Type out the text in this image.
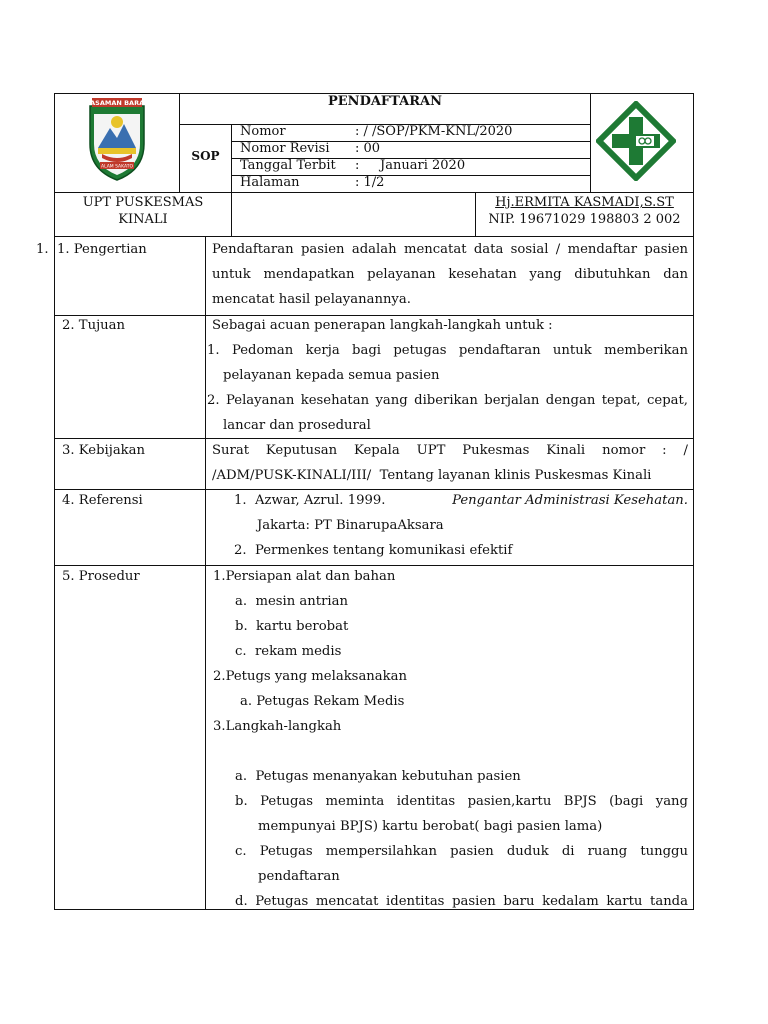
PASAMAN BARAT
ALAM SAKATO
PENDAFTARAN
SOP
Nomor	: / /SOP/PKM-KNL/2020
Nomor Revisi : 00
Tanggal Terbit :     Januari 2020
Halaman	: 1/2
UPT PUSKESMAS
KINALI
Hj.ERMITA KASMADI,S.ST
NIP. 19671029 198803 2 002
1. 1. Pengertian	Pendaftaran pasien adalah mencatat data sosial / mendaftar pasien
untuk mendapatkan pelayanan kesehatan yang dibutuhkan dan
mencatat hasil pelayanannya.
2. Tujuan	Sebagai acuan penerapan langkah-langkah untuk :
1. Pedoman kerja bagi petugas pendaftaran untuk memberikan
pelayanan kepada semua pasien
2. Pelayanan kesehatan yang diberikan berjalan dengan tepat, cepat,
lancar dan prosedural
3. Kebijakan	Surat Keputusan Kepala UPT Pukesmas Kinali nomor : /
/ADM/PUSK-KINALI/III/  Tentang layanan klinis Puskesmas Kinali
4. Referensi	1.  Azwar, Azrul. 1999.	Pengantar Administrasi Kesehatan.
Jakarta: PT BinarupaAksara
2.  Permenkes tentang komunikasi efektif
5. Prosedur	1.Persiapan alat dan bahan
a.  mesin antrian
b.  kartu berobat
c.  rekam medis
2.Petugs yang melaksanakan
a. Petugas Rekam Medis
3.Langkah-langkah
a.  Petugas menanyakan kebutuhan pasien
b. Petugas meminta identitas pasien,kartu BPJS (bagi yang
mempunyai BPJS) kartu berobat( bagi pasien lama)
c. Petugas mempersilahkan pasien duduk di ruang tunggu
pendaftaran
d. Petugas mencatat identitas pasien baru kedalam kartu tanda
